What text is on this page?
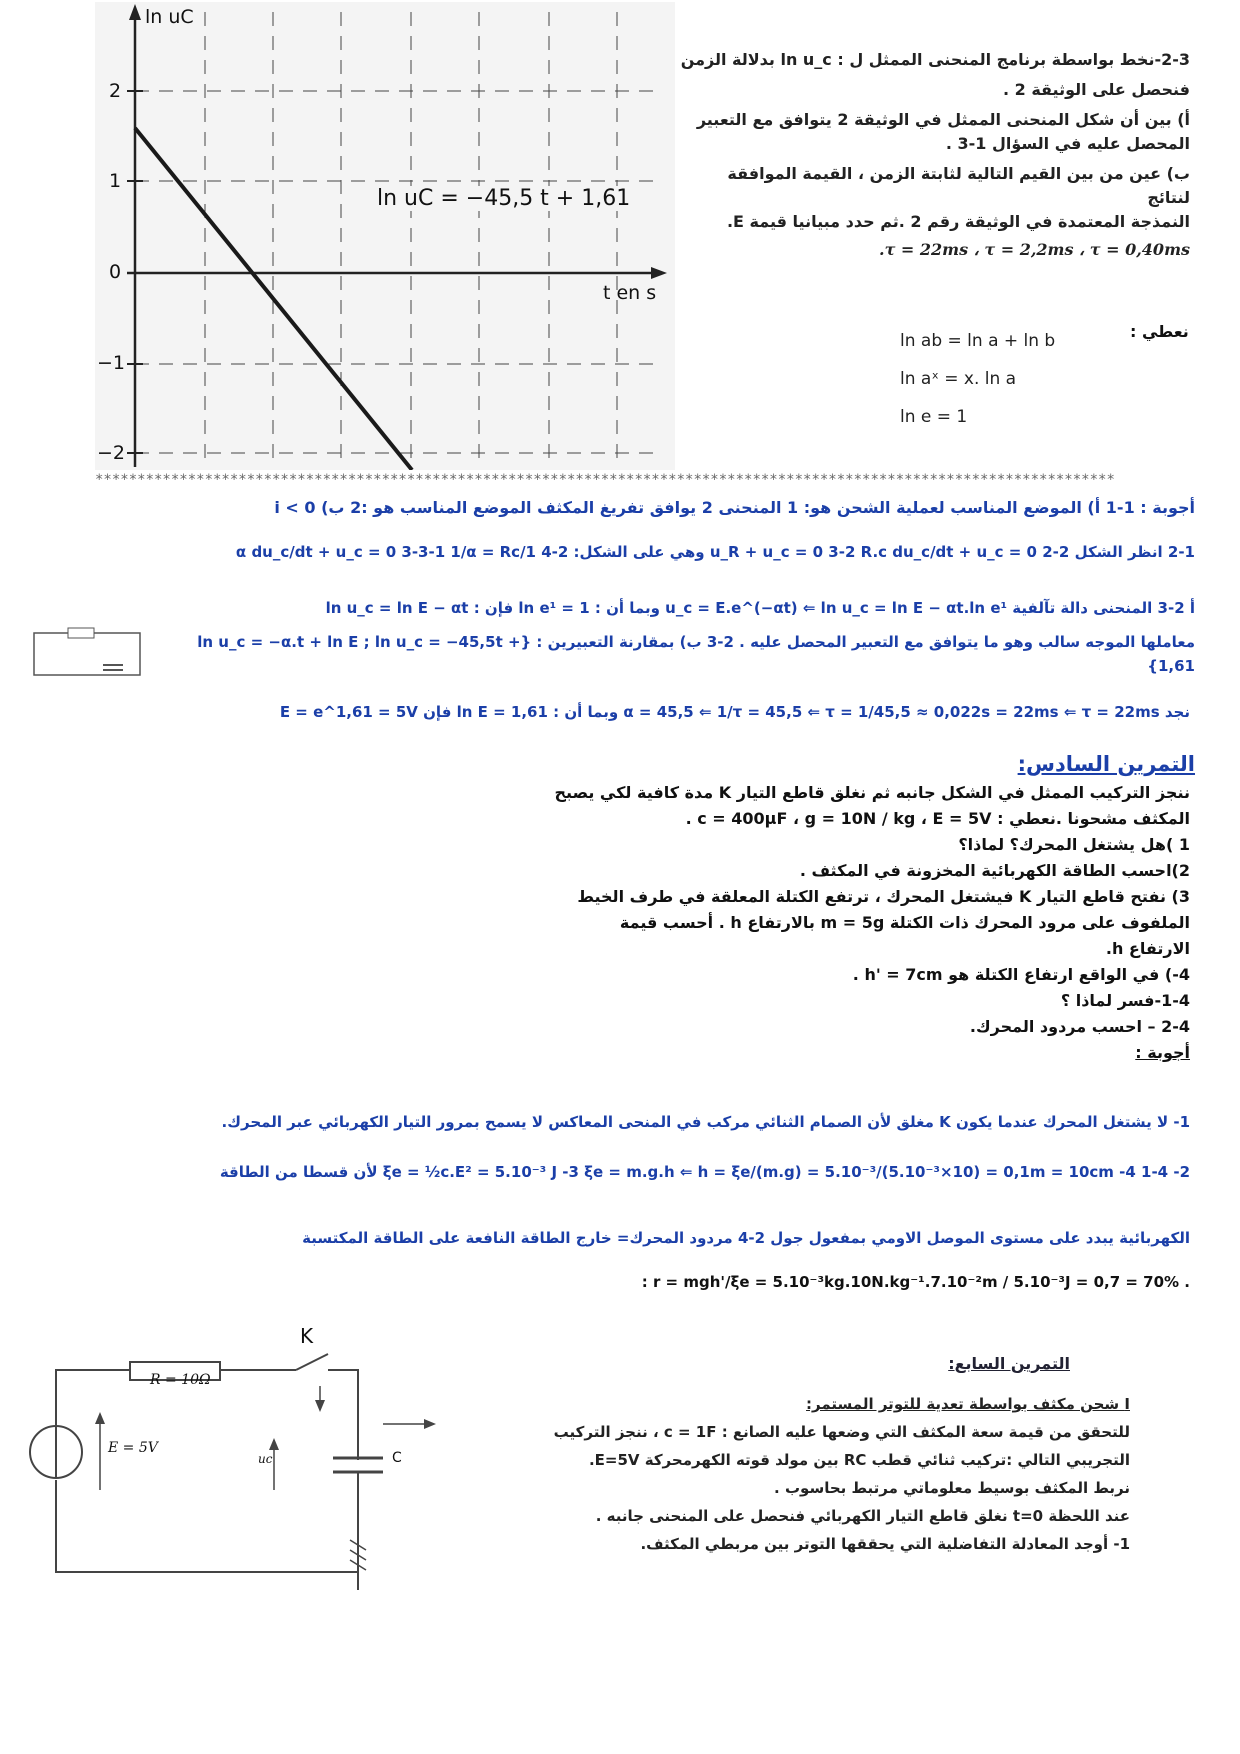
ln uC
2
1
0
−1
−2
t en s
ln uC = −45,5 t + 1,61
2-3-نخط بواسطة برنامج المنحنى الممثل ل : ln u_c بدلالة الزمن
فنحصل على الوثيقة 2 .
أ) بين أن شكل المنحنى الممثل في الوثيقة 2 يتوافق مع التعبير
المحصل عليه في السؤال 1-3 .
ب) عين من بين القيم التالية لثابتة الزمن ، القيمة الموافقة لنتائج
النمذجة المعتمدة في الوثيقة رقم 2 .ثم حدد مبيانيا قيمة E.
.τ = 22ms ، τ = 2,2ms ، τ = 0,40ms
نعطي :
ln ab = ln a + ln b
ln aˣ = x. ln a
ln e = 1
*************************************************************************************************************************
أجوبة : 1-1 أ) الموضع المناسب لعملية الشحن هو: 1 المنحنى 2 يوافق تفريغ المكثف الموضع المناسب هو :2 ب) i < 0
2-1 انظر الشكل 2-2 u_R + u_c = 0 3-2 R.c du_c/dt + u_c = 0 وهي على الشكل: 2-4 1/α du_c/dt + u_c = 0 3-3-1 1/α = Rc
أ 2-3 المنحنى دالة تآلفية u_c = E.e^(−αt) ⇐ ln u_c = ln E − αt.ln e¹ وبما أن : ln e¹ = 1 فإن : ln u_c = ln E − αt
معاملها الموجه سالب وهو ما يتوافق مع التعبير المحصل عليه . 2-3 ب) بمقارنة التعبيرين : {ln u_c = −α.t + ln E ; ln u_c = −45,5t + 1,61}
نجد α = 45,5 ⇐ 1/τ = 45,5 ⇐ τ = 1/45,5 ≈ 0,022s = 22ms ⇐ τ = 22ms وبما أن : ln E = 1,61 فإن E = e^1,61 = 5V
التمرين السادس:
ننجز التركيب الممثل في الشكل جانبه ثم نغلق قاطع التيار K مدة كافية لكي يصبح
المكثف مشحونا .نعطي : c = 400μF ، g = 10N / kg ، E = 5V .
1 )هل يشتغل المحرك؟ لماذا؟
2)احسب الطاقة الكهربائية المخزونة في المكثف .
3) نفتح قاطع التيار K فيشتغل المحرك ، ترتفع الكتلة المعلقة في طرف الخيط
الملفوف على مرود المحرك ذات الكتلة m = 5g بالارتفاع h . أحسب قيمة
الارتفاع h.
4-) في الواقع ارتفاع الكتلة هو h' = 7cm .
1-4-فسر لماذا ؟
2-4 – احسب مردود المحرك.
أجوبة :
1- لا يشتغل المحرك عندما يكون K مغلق لأن الصمام الثنائي مركب في المنحى المعاكس لا يسمح بمرور التيار الكهربائي عبر المحرك.
2- ξe = ½c.E² = 5.10⁻³ J -3 ξe = m.g.h ⇐ h = ξe/(m.g) = 5.10⁻³/(5.10⁻³×10) = 0,1m = 10cm -4 1-4 لأن قسطا من الطاقة
الكهربائية يبدد على مستوى الموصل الاومي بمفعول جول 2-4 مردود المحرك= خارج الطاقة النافعة على الطاقة المكتسبة
: r = mgh'/ξe = 5.10⁻³kg.10N.kg⁻¹.7.10⁻²m / 5.10⁻³J = 0,7 = 70% .
R = 10Ω
E = 5V
K
uc	C
التمرين السابع:
I شحن مكثف بواسطة تعدية للتوتر المستمر:
للتحقق من قيمة سعة المكثف التي وضعها عليه الصانع : c = 1F ، ننجز التركيب
التجريبي التالي :تركيب ثنائي قطب RC بين مولد قوته الكهرمحركة E=5V.
نربط المكثف بوسيط معلوماتي مرتبط بحاسوب .
عند اللحظة t=0 نغلق قاطع التيار الكهربائي فنحصل على المنحنى جانبه .
1- أوجد المعادلة التفاضلية التي يحققها التوتر بين مربطي المكثف.
